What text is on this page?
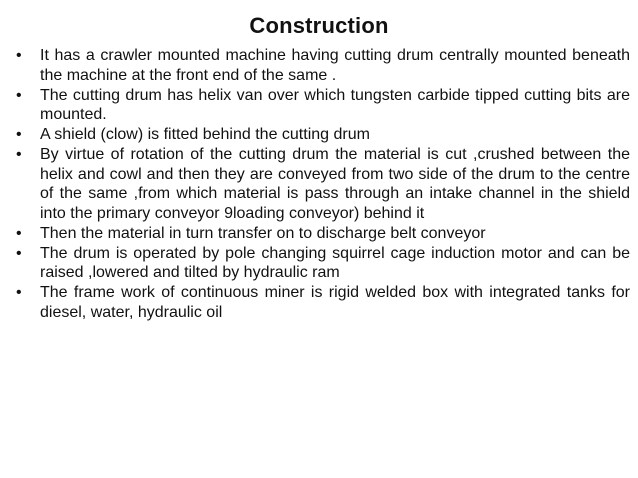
Construction
•	It has a crawler mounted machine having cutting drum centrally mounted beneath the machine at the front end of the same .
•	The cutting drum has helix van over which tungsten carbide tipped cutting bits are mounted.
•	A shield (clow) is fitted behind the cutting drum
•	By virtue of rotation of the cutting drum the material is cut ,crushed between the helix and cowl and then they are conveyed from two side of the drum to the centre of the same ,from which material is pass through an intake channel in the shield into the primary conveyor 9loading conveyor) behind it
•	Then the material in turn transfer on to discharge belt conveyor
•	The drum is operated by pole changing squirrel cage induction motor and can be raised ,lowered and tilted by hydraulic ram
•	The frame work of continuous miner is rigid welded box with integrated tanks for diesel, water, hydraulic oil
